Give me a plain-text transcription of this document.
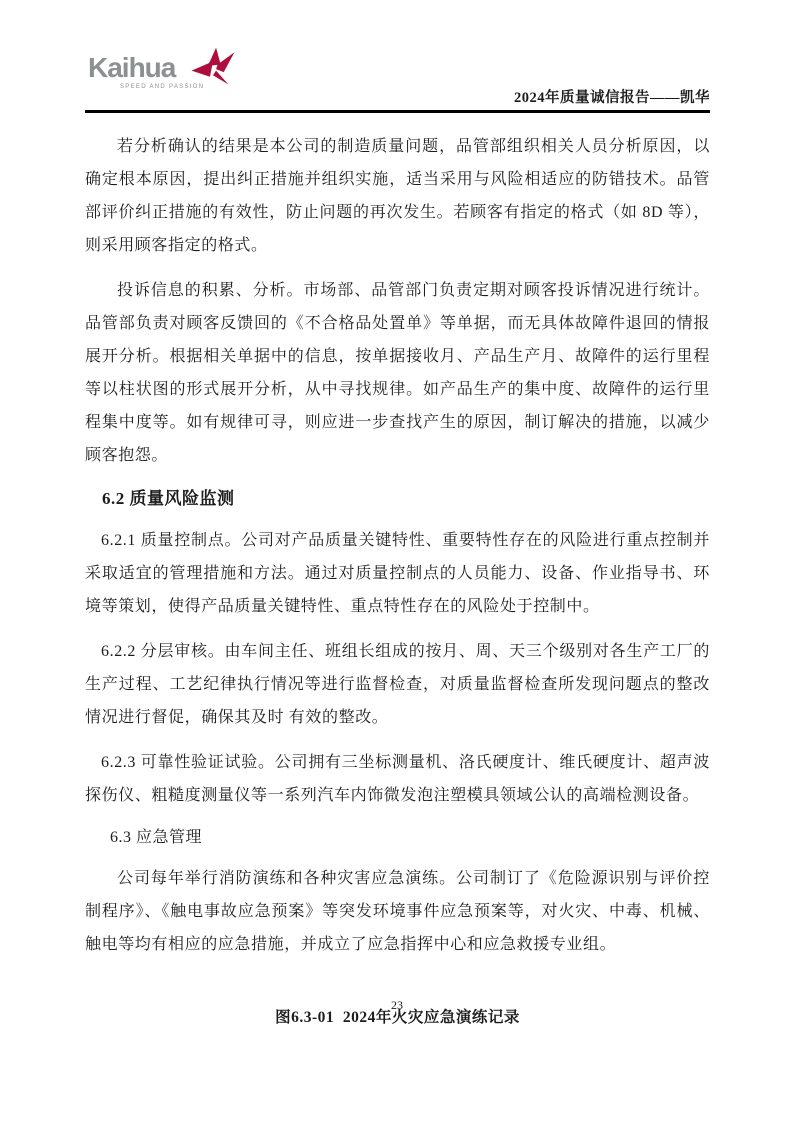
Kaihua
SPEED AND PASSION
2024年质量诚信报告——凯华

若分析确认的结果是本公司的制造质量问题，品管部组织相关人员分析原因，以确定根本原因，提出纠正措施并组织实施，适当采用与风险相适应的防错技术。品管部评价纠正措施的有效性，防止问题的再次发生。若顾客有指定的格式（如 8D 等），则采用顾客指定的格式。

投诉信息的积累、分析。市场部、品管部门负责定期对顾客投诉情况进行统计。品管部负责对顾客反馈回的《不合格品处置单》等单据，而无具体故障件退回的情报展开分析。根据相关单据中的信息，按单据接收月、产品生产月、故障件的运行里程等以柱状图的形式展开分析，从中寻找规律。如产品生产的集中度、故障件的运行里程集中度等。如有规律可寻，则应进一步查找产生的原因，制订解决的措施，以减少顾客抱怨。

6.2 质量风险监测

6.2.1 质量控制点。公司对产品质量关键特性、重要特性存在的风险进行重点控制并采取适宜的管理措施和方法。通过对质量控制点的人员能力、设备、作业指导书、环境等策划，使得产品质量关键特性、重点特性存在的风险处于控制中。

6.2.2 分层审核。由车间主任、班组长组成的按月、周、天三个级别对各生产工厂的生产过程、工艺纪律执行情况等进行监督检查，对质量监督检查所发现问题点的整改情况进行督促，确保其及时 有效的整改。

6.2.3 可靠性验证试验。公司拥有三坐标测量机、洛氏硬度计、维氏硬度计、超声波探伤仪、粗糙度测量仪等一系列汽车内饰微发泡注塑模具领域公认的高端检测设备。

6.3 应急管理

公司每年举行消防演练和各种灾害应急演练。公司制订了《危险源识别与评价控制程序》、《触电事故应急预案》等突发环境事件应急预案等，对火灾、中毒、机械、触电等均有相应的应急措施，并成立了应急指挥中心和应急救援专业组。

图6.3-01  2024年火灾应急演练记录
23
